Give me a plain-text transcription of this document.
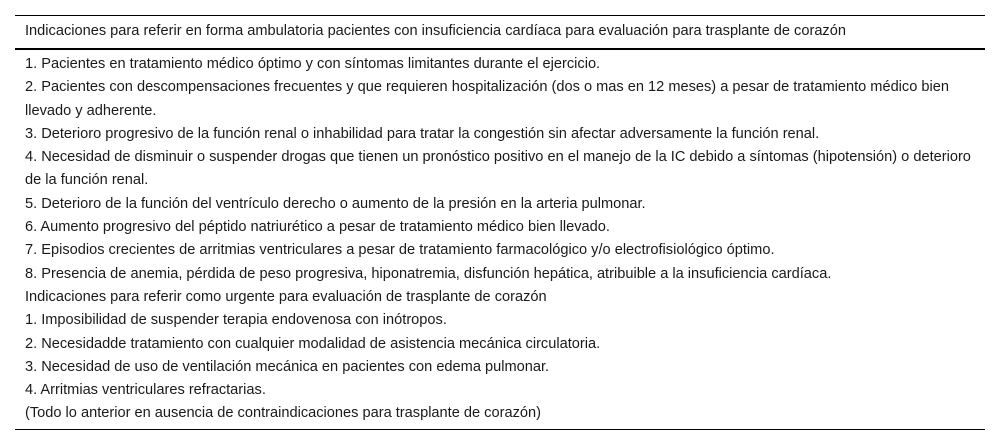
Indicaciones para referir en forma ambulatoria pacientes con insuficiencia cardíaca para evaluación para trasplante de corazón
1. Pacientes en tratamiento médico óptimo y con síntomas limitantes durante el ejercicio.
2. Pacientes con descompensaciones frecuentes y que requieren hospitalización (dos o mas en 12 meses) a pesar de tratamiento médico bien llevado y adherente.
3. Deterioro progresivo de la función renal o inhabilidad para tratar la congestión sin afectar adversamente la función renal.
4. Necesidad de disminuir o suspender drogas que tienen un pronóstico positivo en el manejo de la IC debido a síntomas (hipotensión) o deterioro de la función renal.
5. Deterioro de la función del ventrículo derecho o aumento de la presión en la arteria pulmonar.
6. Aumento progresivo del péptido natriurético a pesar de tratamiento médico bien llevado.
7. Episodios crecientes de arritmias ventriculares a pesar de tratamiento farmacológico y/o electrofisiológico óptimo.
8. Presencia de anemia, pérdida de peso progresiva, hiponatremia, disfunción hepática, atribuible a la insuficiencia cardíaca.
Indicaciones para referir como urgente para evaluación de trasplante de corazón
1. Imposibilidad de suspender terapia endovenosa con inótropos.
2. Necesidadde tratamiento con cualquier modalidad de asistencia mecánica circulatoria.
3. Necesidad de uso de ventilación mecánica en pacientes con edema pulmonar.
4. Arritmias ventriculares refractarias.
(Todo lo anterior en ausencia de contraindicaciones para trasplante de corazón)
